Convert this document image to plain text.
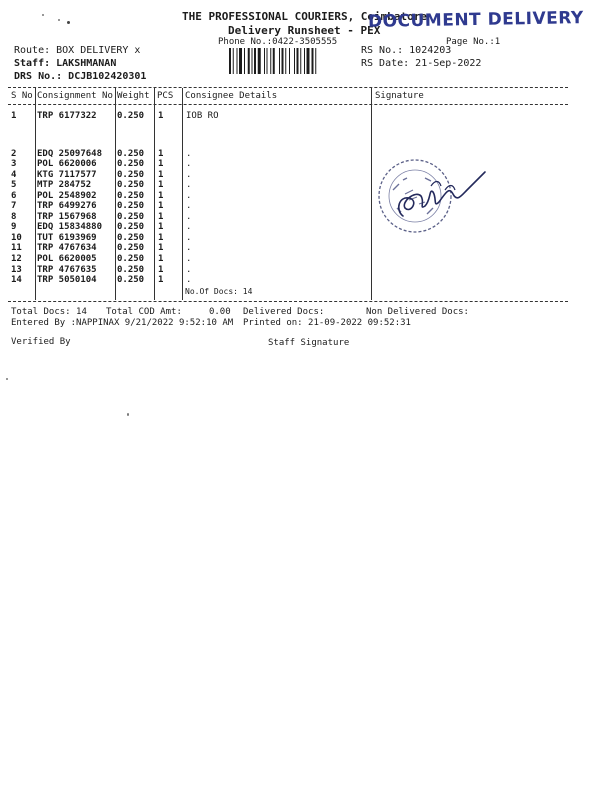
THE PROFESSIONAL COURIERS, Coimbatore
Delivery Runsheet - PEX
Phone No.:0422-3505555	Page No.:1
DOCUMENT DELIVERY
Route: BOX DELIVERY x
Staff: LAKSHMANAN
DRS No.: DCJB102420301
RS No.: 1024203
RS Date: 21-Sep-2022
S No Consignment No Weight PCS Consignee Details	Signature
1 TRP 6177322 0.250 1	IOB RO
2 EDQ 25097648 0.250 1	.
3 POL 6620006 0.250 1	.
4 KTG 7117577 0.250 1	.
5 MTP 284752	0.250 1	.
6 POL 2548902 0.250 1	.
7 TRP 6499276 0.250 1	.
8 TRP 1567968 0.250 1	.
9 EDQ 15834880 0.250 1	.
10 TUT 6193969 0.250 1	.
11 TRP 4767634 0.250 1	.
12 POL 6620005 0.250 1	.
13 TRP 4767635 0.250 1	.
14 TRP 5050104 0.250 1	.
No.Of Docs: 14
Total Docs: 14 Total COD Amt:     0.00 Delivered Docs:	Non Delivered Docs:
Entered By :NAPPINAX 9/21/2022 9:52:10 AM Printed on: 21-09-2022 09:52:31
Verified By	Staff Signature
